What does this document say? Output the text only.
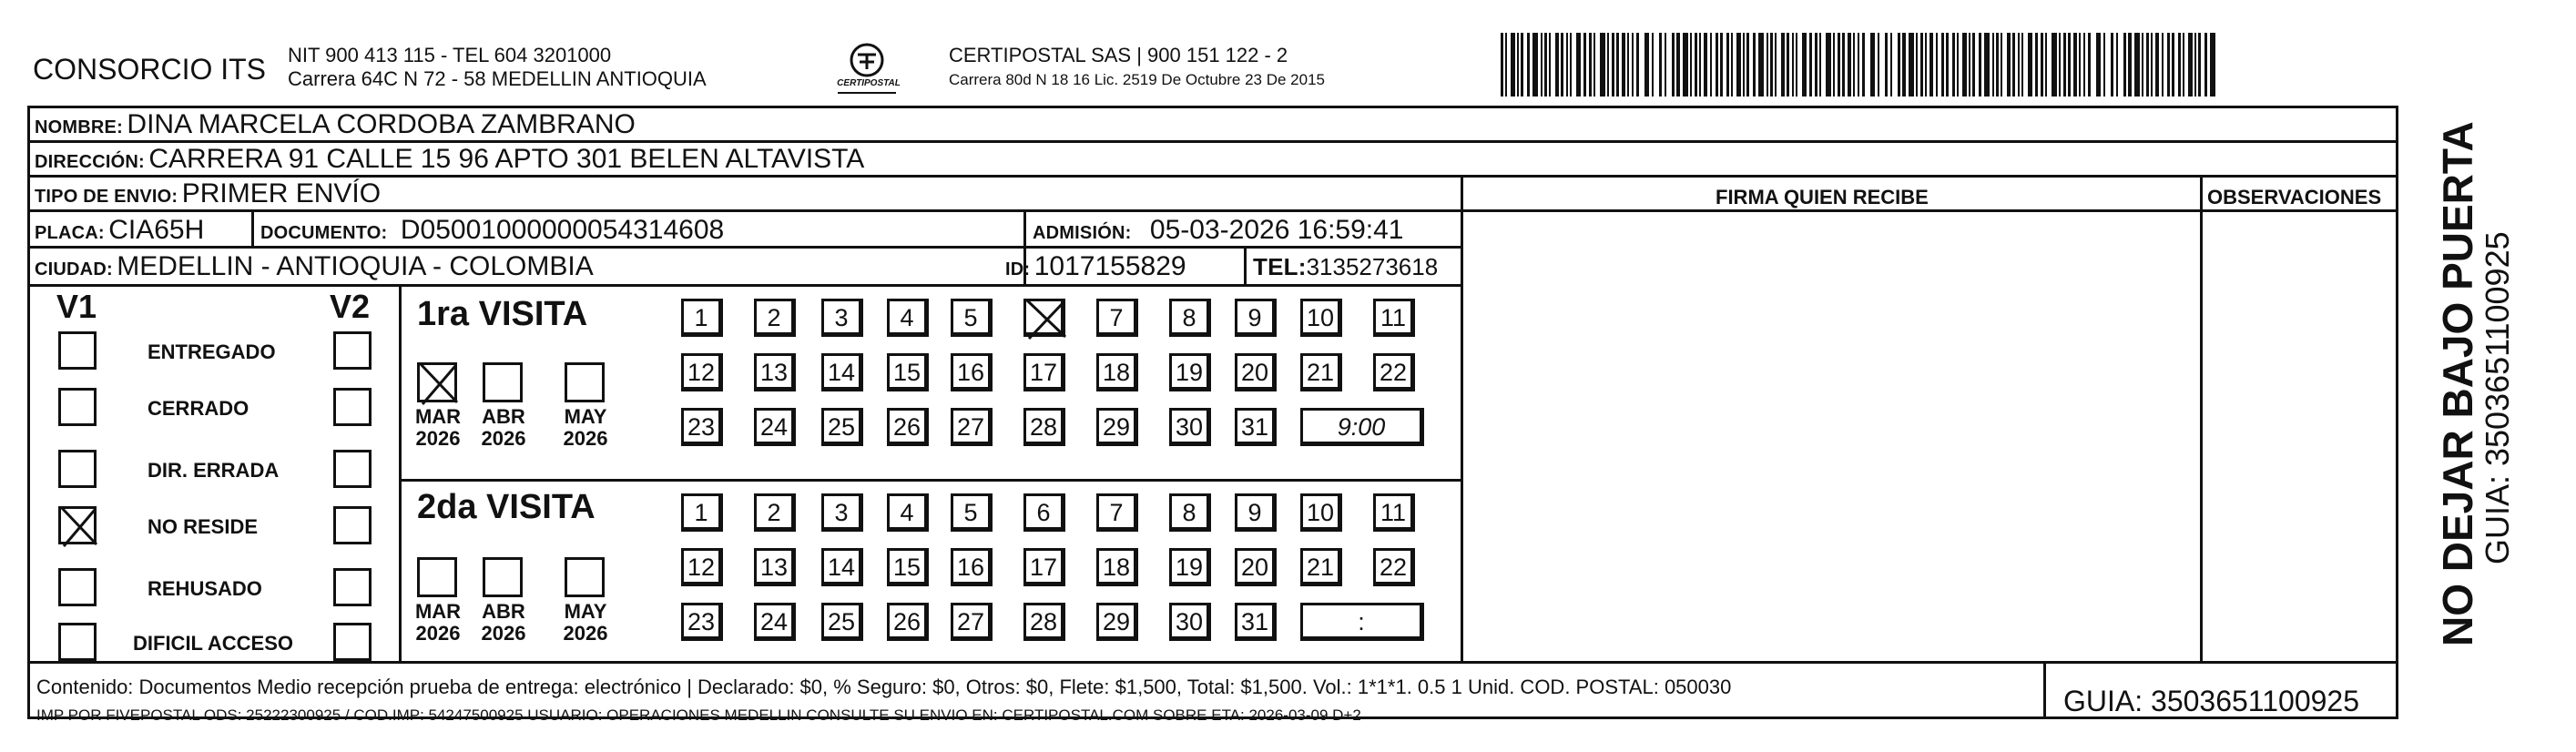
CONSORCIO ITS NIT 900 413 115 - TEL 604 3201000
Carrera 64C N 72 - 58 MEDELLIN ANTIOQUIA	CERTIPOSTAL
CERTIPOSTAL SAS | 900 151 122 - 2
Carrera 80d N 18 16 Lic. 2519 De Octubre 23 De 2015
NOMBRE: DINA MARCELA CORDOBA ZAMBRANO
DIRECCIÓN: CARRERA 91 CALLE 15 96 APTO 301 BELEN ALTAVISTA
TIPO DE ENVIO: PRIMER ENVÍO	FIRMA QUIEN RECIBE	OBSERVACIONES
PLACA: CIA65H	DOCUMENTO: D05001000000054314608	ADMISIÓN: 05-03-2026 16:59:41
CIUDAD: MEDELLIN - ANTIOQUIA - COLOMBIA	ID: 1017155829	TEL:3135273618
V1	V2
ENTREGADO
CERRADO
DIR. ERRADA
NO RESIDE
REHUSADO
DIFICIL ACCESO
1ra VISITA
MAR
2026
ABR
2026
MAY
2026
1	2	3	4	5	7	8	9	10	11
12	13	14	15	16	17	18	19	20	21	22
23	24	25	26	27	28	29	30	31	9:00
2da VISITA
MAR
2026
ABR
2026
MAY
2026
1	2	3	4	5	6	7	8	9	10	11
12	13	14	15	16	17	18	19	20	21	22
23	24	25	26	27	28	29	30	31	:
Contenido: Documentos Medio recepción prueba de entrega: electrónico | Declarado: $0, % Seguro: $0, Otros: $0, Flete: $1,500, Total: $1,500. Vol.: 1*1*1. 0.5 1 Unid. COD. POSTAL: 050030
IMP POR FIVEPOSTAL ODS: 25222300925 / COD.IMP: 54247500925 USUARIO: OPERACIONES MEDELLIN CONSULTE SU ENVIO EN: CERTIPOSTAL.COM SOBRE ETA: 2026-03-09 D+2	GUIA: 3503651100925
NO DEJAR BAJO PUERTA
GUIA: 3503651100925
